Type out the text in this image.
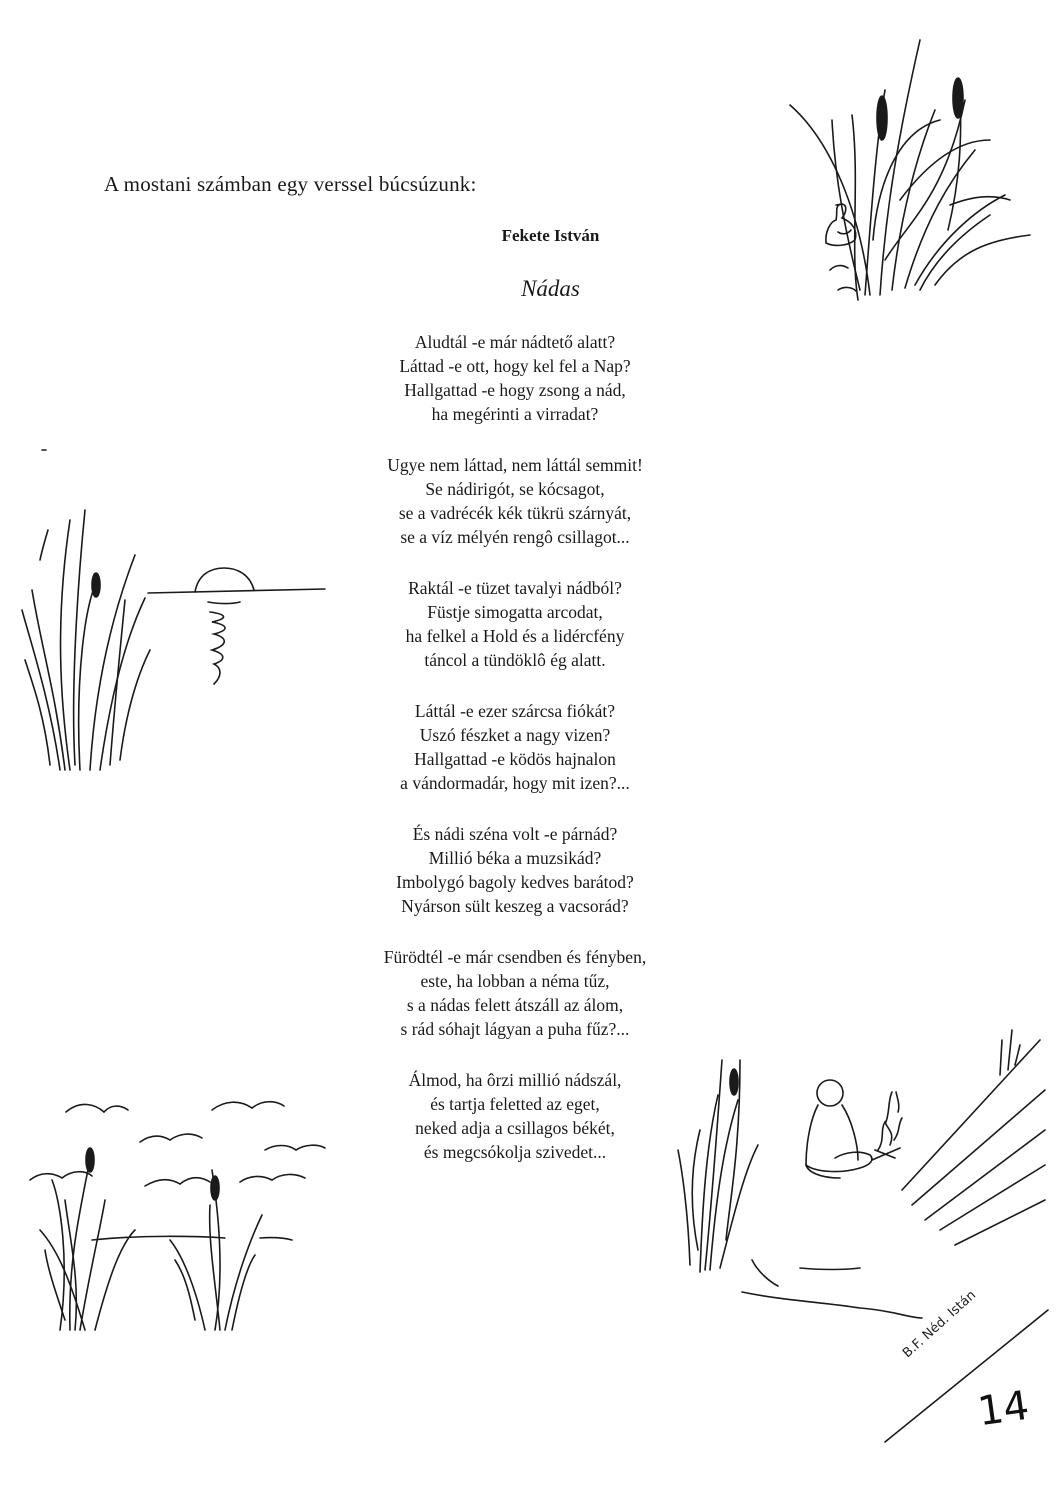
A mostani számban egy verssel búcsúzunk:
Fekete István
Nádas
Aludtál -e már nádtető alatt?
Láttad -e ott, hogy kel fel a Nap?
Hallgattad -e hogy zsong a nád,
ha megérinti a virradat?
Ugye nem láttad, nem láttál semmit!
Se nádirigót, se kócsagot,
se a vadrécék kék tükrü szárnyát,
se a víz mélyén rengô csillagot...
Raktál -e tüzet tavalyi nádból?
Füstje simogatta arcodat,
ha felkel a Hold és a lidércfény
táncol a tündöklô ég alatt.
Láttál -e ezer szárcsa fiókát?
Uszó fészket a nagy vizen?
Hallgattad -e ködös hajnalon
a vándormadár, hogy mit izen?...
És nádi széna volt -e párnád?
Millió béka a muzsikád?
Imbolygó bagoly kedves barátod?
Nyárson sült keszeg a vacsorád?
Fürödtél -e már csendben és fényben,
este, ha lobban a néma tűz,
s a nádas felett átszáll az álom,
s rád sóhajt lágyan a puha fűz?...
Álmod, ha ôrzi millió nádszál,
és tartja feletted az eget,
neked adja a csillagos békét,
és megcsókolja szivedet...
B.F. Néd. Istán
14
